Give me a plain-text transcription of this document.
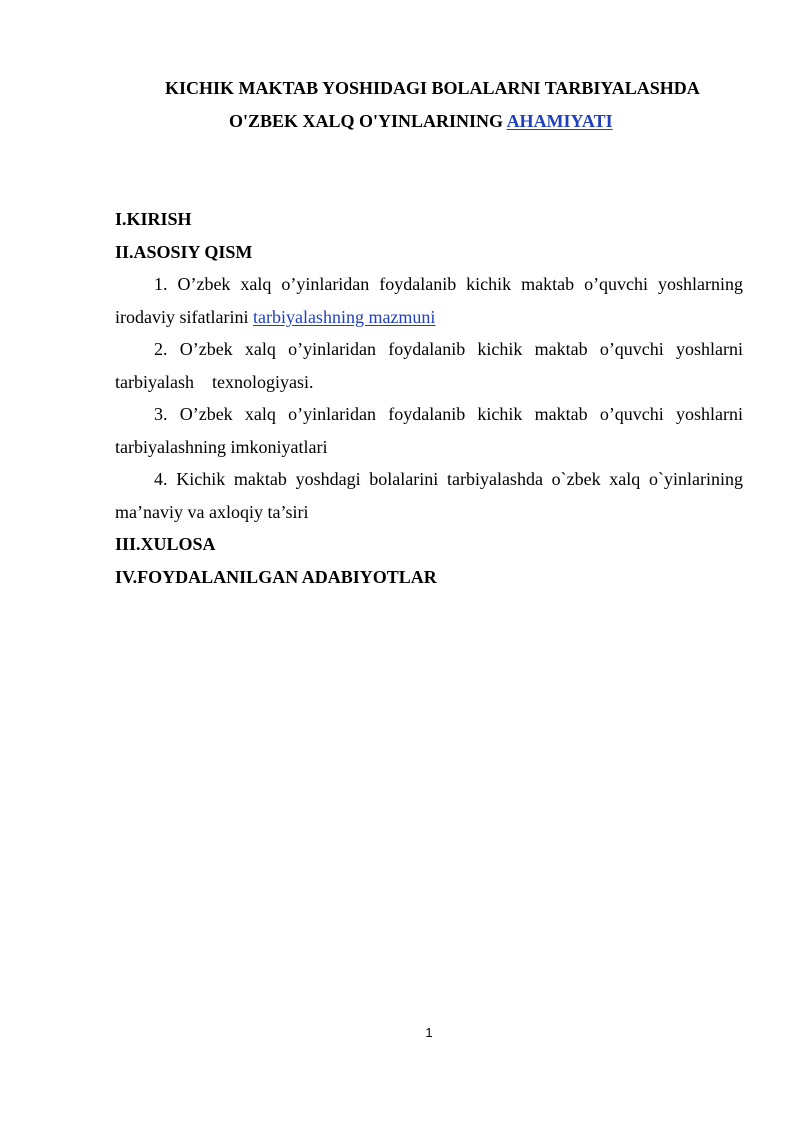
KICHIK MAKTAB YOSHIDAGI BOLALARNI TARBIYALASHDA
O'ZBEK XALQ O'YINLARINING AHAMIYATI

I.KIRISH

II.ASOSIY QISM

1. O’zbek xalq o’yinlaridan foydalanib kichik maktab o’quvchi yoshlarning irodaviy sifatlarini tarbiyalashning mazmuni

2. O’zbek xalq o’yinlaridan foydalanib kichik maktab o’quvchi yoshlarni tarbiyalash    texnologiyasi.

3. O’zbek xalq o’yinlaridan foydalanib kichik maktab o’quvchi yoshlarni tarbiyalashning imkoniyatlari

4. Kichik maktab yoshdagi bolalarini tarbiyalashda o`zbek xalq o`yinlarining ma’naviy va axloqiy ta’siri

III.XULOSA

IV.FOYDALANILGAN ADABIYOTLAR

1
